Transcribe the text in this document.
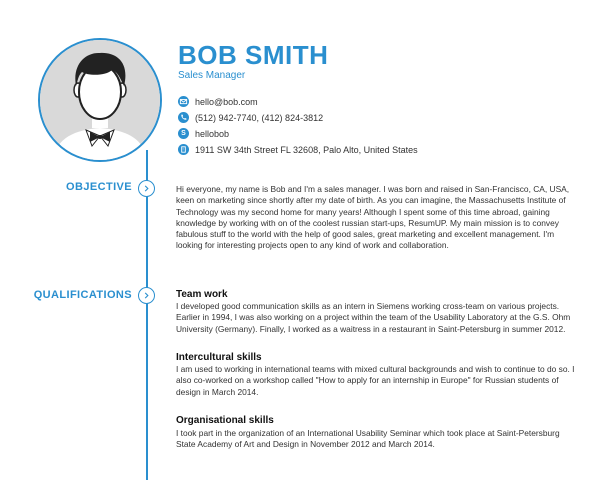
BOB SMITH
Sales Manager
hello@bob.com
(512) 942-7740, (412) 824-3812
S	hellobob
1911 SW 34th Street FL 32608, Palo Alto, United States
OBJECTIVE	Hi everyone, my name is Bob and I'm a sales manager. I was born and raised in San-Francisco, CA, USA, keen on marketing since shortly after my date of birth. As you can imagine, the Massachusetts Institute of Technology was my second home for many years! Although I spent some of this time abroad, gaining knowledge by working with on of the coolest russian start-ups, ResumUP. My main mission is to convey fabulous stuff to the world with the help of good sales, great marketing and excellent management. I'm looking for interesting projects open to any kind of work and collaboration.
QUALIFICATIONS	Team work
I developed good communication skills as an intern in Siemens working cross-team on various projects. Earlier in 1994, I was also working on a project within the team of the Usability Laboratory at the G.S. Ohm University (Germany). Finally, I worked as a waitress in a restaurant in Saint-Petersburg in summer 2012.
Intercultural skills
I am used to working in international teams with mixed cultural backgrounds and wish to continue to do so. I also co-worked on a workshop called "How to apply for an internship in Europe" for Russian students of design in March 2014.
Organisational skills
I took part in the organization of an International Usability Seminar which took place at Saint-Petersburg State Academy of Art and Design in November 2012 and March 2014.
